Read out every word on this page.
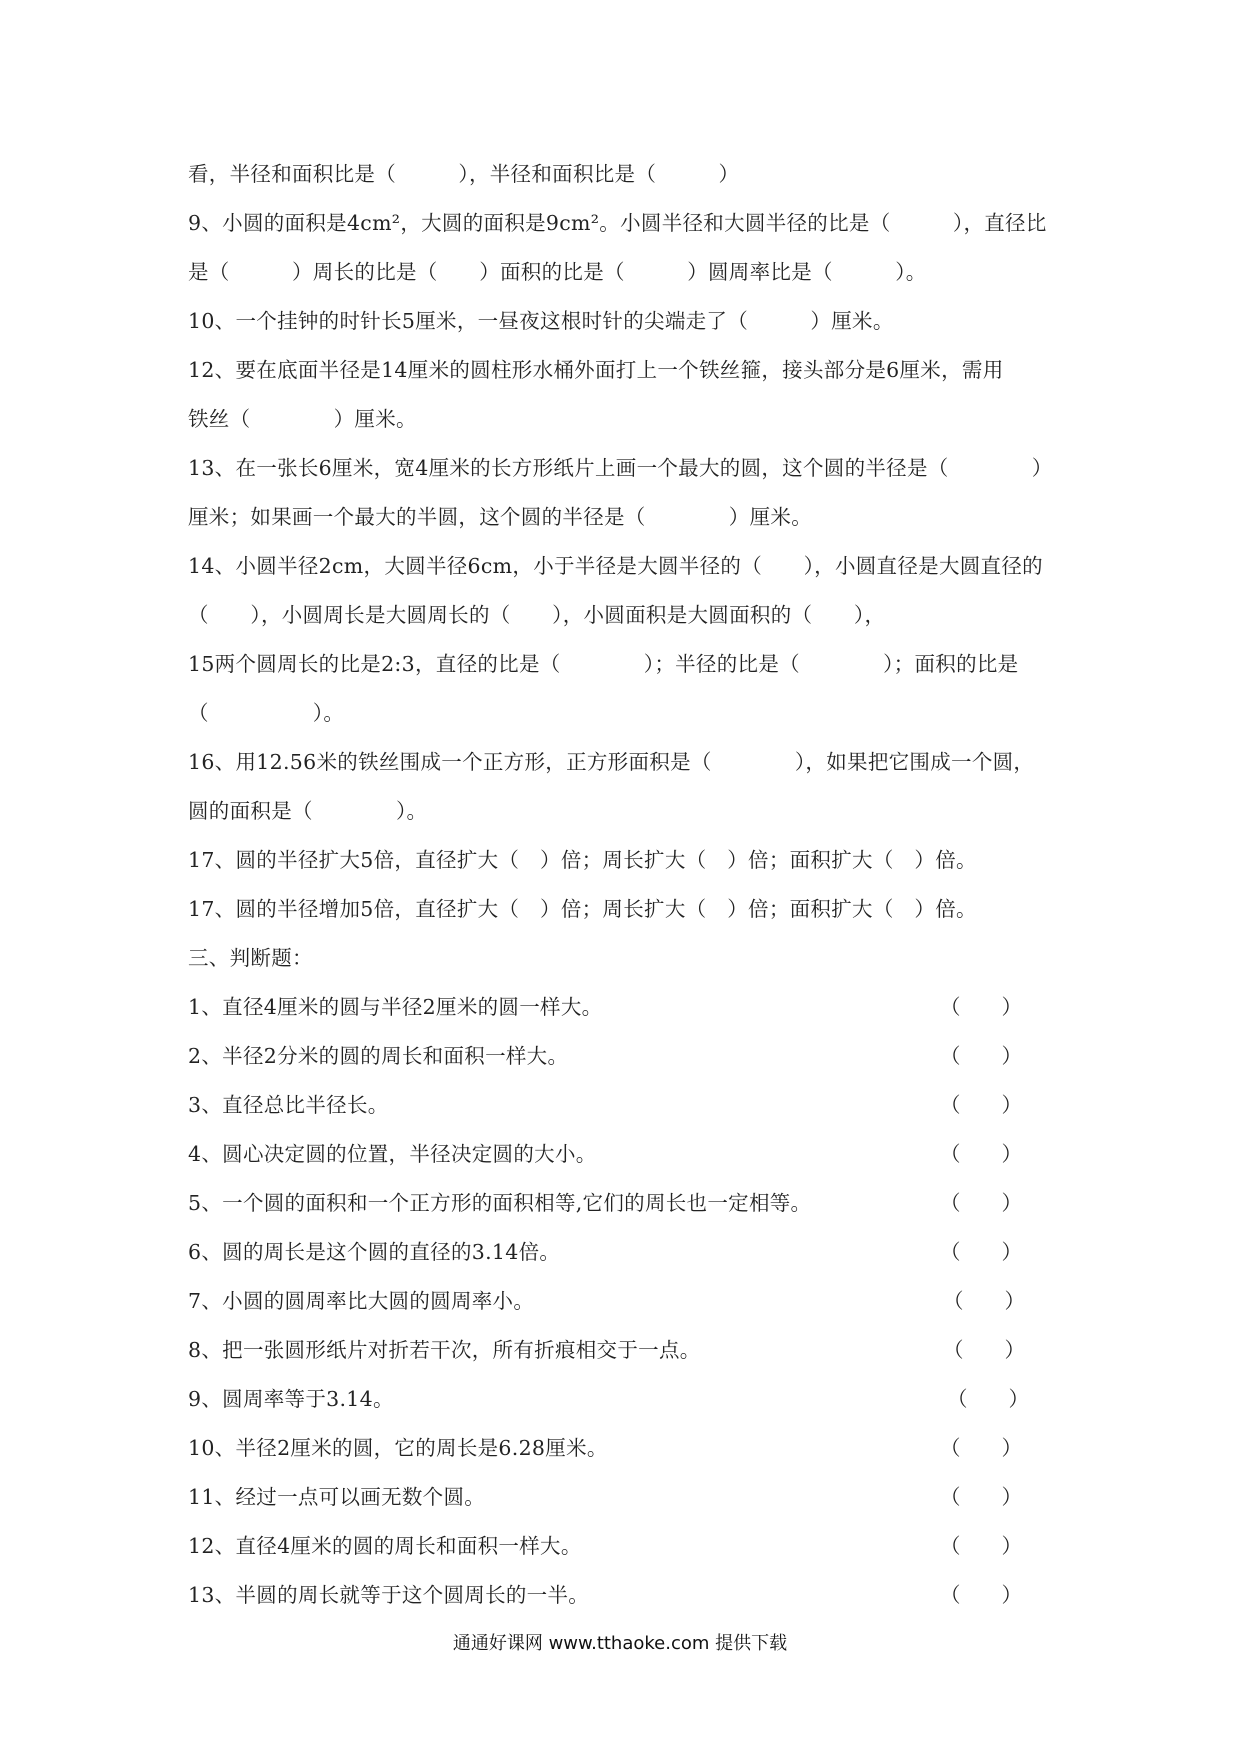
看，半径和面积比是（　　　），半径和面积比是（　　　）
9、小圆的面积是4cm²，大圆的面积是9cm²。小圆半径和大圆半径的比是（　　　），直径比
是（　　　）周长的比是（　　）面积的比是（　　　）圆周率比是（　　　）。
10、一个挂钟的时针长5厘米，一昼夜这根时针的尖端走了（　　　）厘米。
12、要在底面半径是14厘米的圆柱形水桶外面打上一个铁丝箍，接头部分是6厘米，需用
铁丝（　　　　）厘米。
13、在一张长6厘米，宽4厘米的长方形纸片上画一个最大的圆，这个圆的半径是（　　　　）
厘米；如果画一个最大的半圆，这个圆的半径是（　　　　）厘米。
14、小圆半径2cm，大圆半径6cm，小于半径是大圆半径的（　　），小圆直径是大圆直径的
（　　），小圆周长是大圆周长的（　　），小圆面积是大圆面积的（　　），
15两个圆周长的比是2:3，直径的比是（　　　　）；半径的比是（　　　　）；面积的比是
（　　　　　）。
16、用12.56米的铁丝围成一个正方形，正方形面积是（　　　　），如果把它围成一个圆，
圆的面积是（　　　　）。
17、圆的半径扩大5倍，直径扩大（　）倍；周长扩大（　）倍；面积扩大（　）倍。
17、圆的半径增加5倍，直径扩大（　）倍；周长扩大（　）倍；面积扩大（　）倍。
三、判断题：
1、直径4厘米的圆与半径2厘米的圆一样大。	（　　）
2、半径2分米的圆的周长和面积一样大。	（　　）
3、直径总比半径长。	（　　）
4、圆心决定圆的位置，半径决定圆的大小。	（　　）
5、一个圆的面积和一个正方形的面积相等,它们的周长也一定相等。	（　　）
6、圆的周长是这个圆的直径的3.14倍。	（　　）
7、小圆的圆周率比大圆的圆周率小。	（　　）
8、把一张圆形纸片对折若干次，所有折痕相交于一点。	（　　）
9、圆周率等于3.14。	（　　）
10、半径2厘米的圆，它的周长是6.28厘米。	（　　）
11、经过一点可以画无数个圆。	（　　）
12、直径4厘米的圆的周长和面积一样大。	（　　）
13、半圆的周长就等于这个圆周长的一半。	（　　）
通通好课网 www.tthaoke.com 提供下载
